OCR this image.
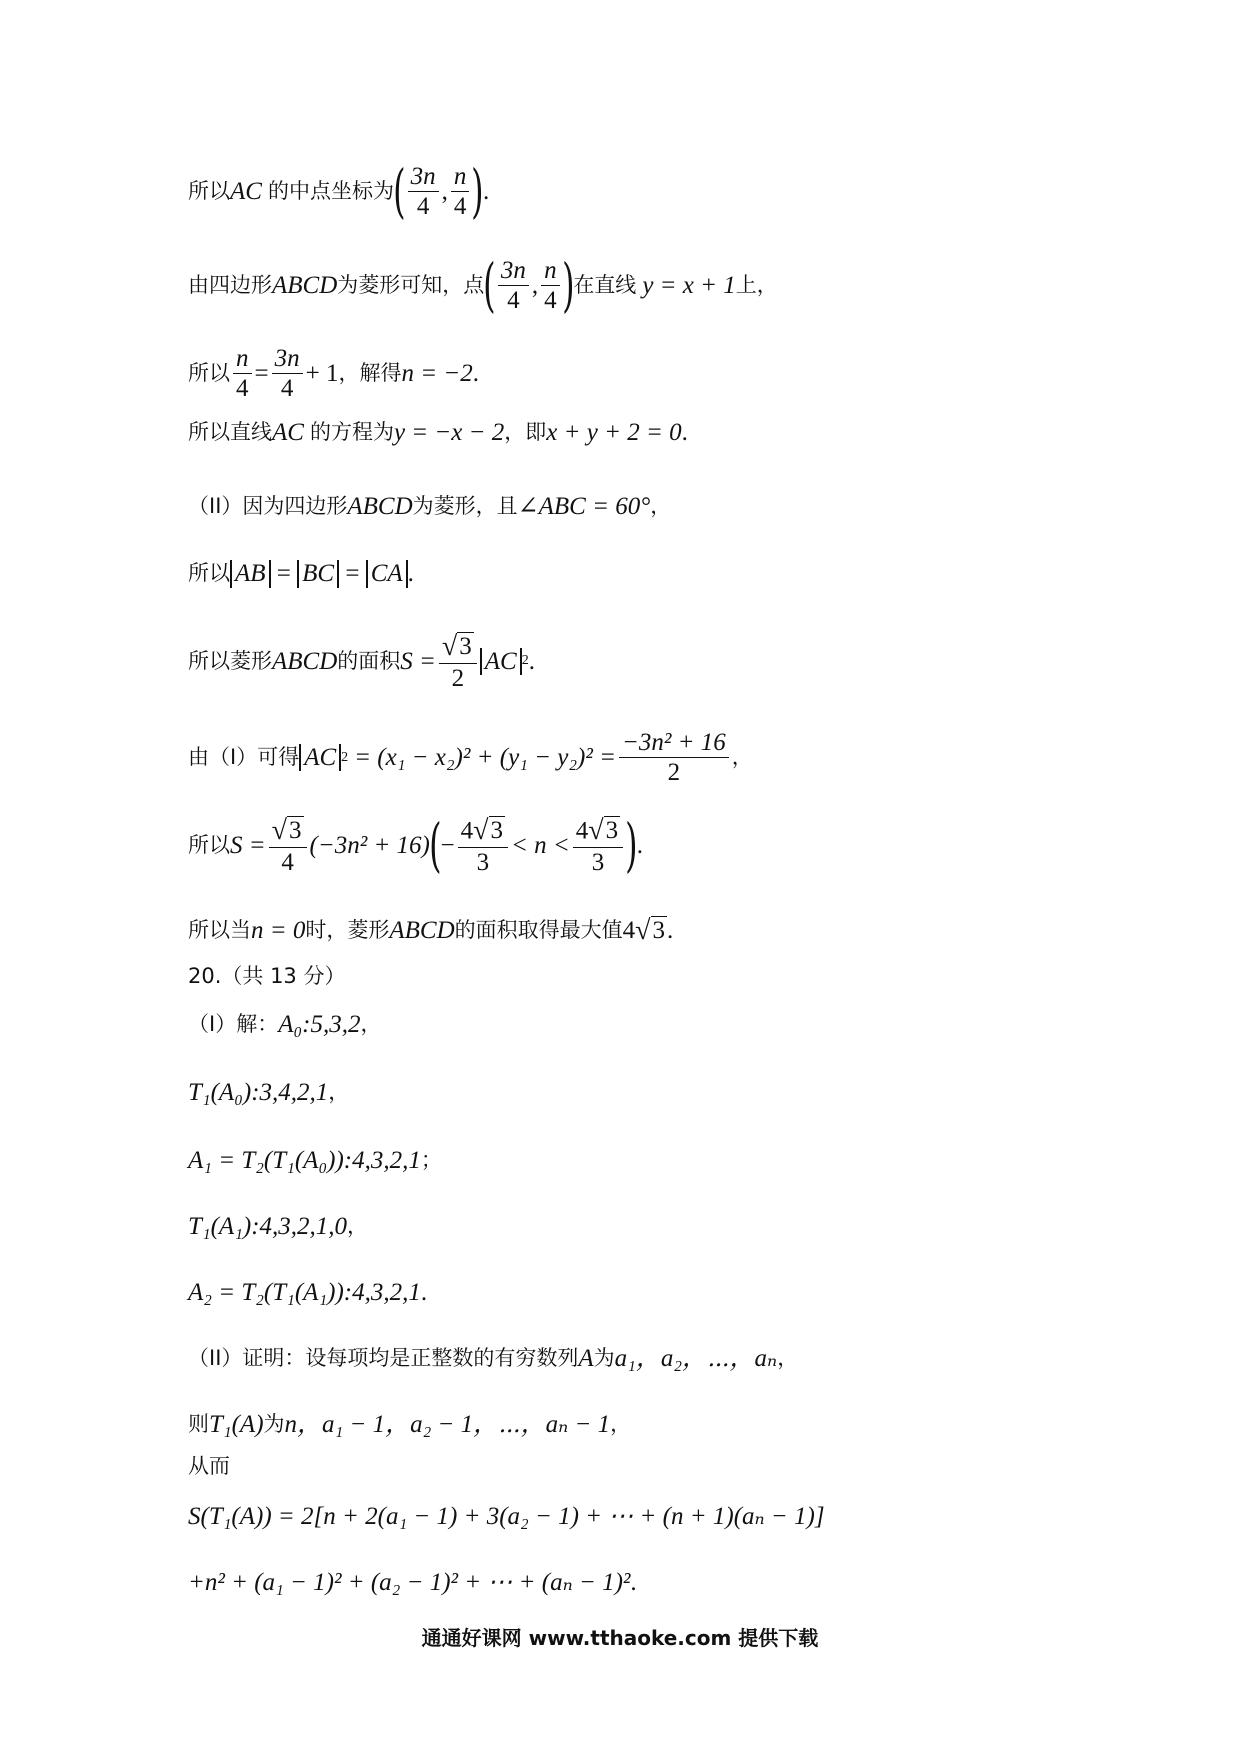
所以 AC 的中点坐标为 ( $\frac{3n}{4}$ , $\frac{n}{4}$ ) .
由四边形 ABCD 为菱形可知，点 ( $\frac{3n}{4}$ , $\frac{n}{4}$ ) 在直线 y = x + 1 上，
所以 $\frac{n}{4} = \frac{3n}{4} + 1$ ，解得 n = −2 .
所以直线 AC 的方程为 y = −x − 2 ，即 x + y + 2 = 0 .
（II）因为四边形 ABCD 为菱形，且 ∠ABC = 60° ，
所以 AB = BC = CA .
所以菱形 ABCD 的面积 $S = \frac{√ 3}{2}$ AC 2 .
由（I）可得 AC $2 = (x_1 - x_2)^2 + (y_1 - y_2)^2 = \frac{\text{−3n² + 16}}{2}$ ，
所以 $S = \frac{√ 3}{4} (-3n^2 + 16)$ ( − $\frac{4 √ 3}{3} < n < \frac{4 √ 3}{3}$ ) .
所以当 n = 0 时，菱形 ABCD 的面积取得最大值 4 √ 3 .
20.（共 13 分）
（I）解： A₀:5,3,2 ，
T₁(A₀):3,4,2,1 ，
A₁ = T₂(T₁(A₀)):4,3,2,1 ；
T₁(A₁):4,3,2,1,0 ，
A₂ = T₂(T₁(A₁)):4,3,2,1 .
（II）证明：设每项均是正整数的有穷数列 A 为 a₁，a₂，⋯，aₙ ，
则 T₁(A) 为 n，a₁ − 1，a₂ − 1，⋯，aₙ − 1 ，
从而
S(T₁(A)) = 2[n + 2(a₁ − 1) + 3(a₂ − 1) + ⋯ + (n + 1)(aₙ − 1)]
+n² + (a₁ − 1)² + (a₂ − 1)² + ⋯ + (aₙ − 1)² .
通通好课网 www.tthaoke.com 提供下载
